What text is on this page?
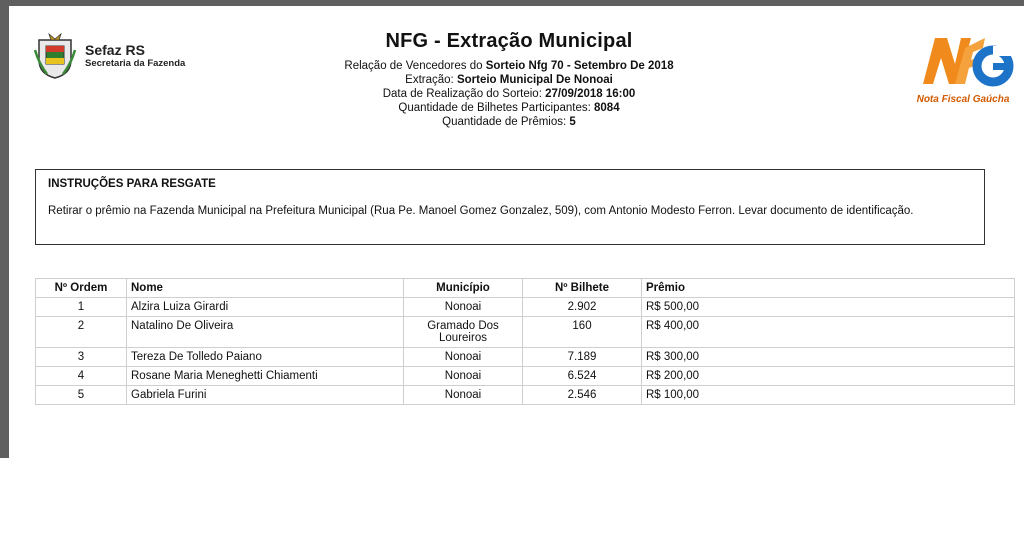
Sefaz RS
Secretaria da Fazenda
NFG - Extração Municipal
Relação de Vencedores do Sorteio Nfg 70 - Setembro De 2018
Extração: Sorteio Municipal De Nonoai
Data de Realização do Sorteio: 27/09/2018 16:00
Quantidade de Bilhetes Participantes: 8084
Quantidade de Prêmios: 5
Nota Fiscal Gaúcha
INSTRUÇÕES PARA RESGATE
Retirar o prêmio na Fazenda Municipal na Prefeitura Municipal (Rua Pe. Manoel Gomez Gonzalez, 509), com Antonio Modesto Ferron. Levar documento de identificação.
Nº Ordem	Nome	Município	Nº Bilhete	Prêmio
1	Alzira Luiza Girardi	Nonoai	2.902	R$ 500,00
2	Natalino De Oliveira	Gramado Dos Loureiros	160	R$ 400,00
3	Tereza De Tolledo Paiano	Nonoai	7.189	R$ 300,00
4	Rosane Maria Meneghetti Chiamenti	Nonoai	6.524	R$ 200,00
5	Gabriela Furini	Nonoai	2.546	R$ 100,00
